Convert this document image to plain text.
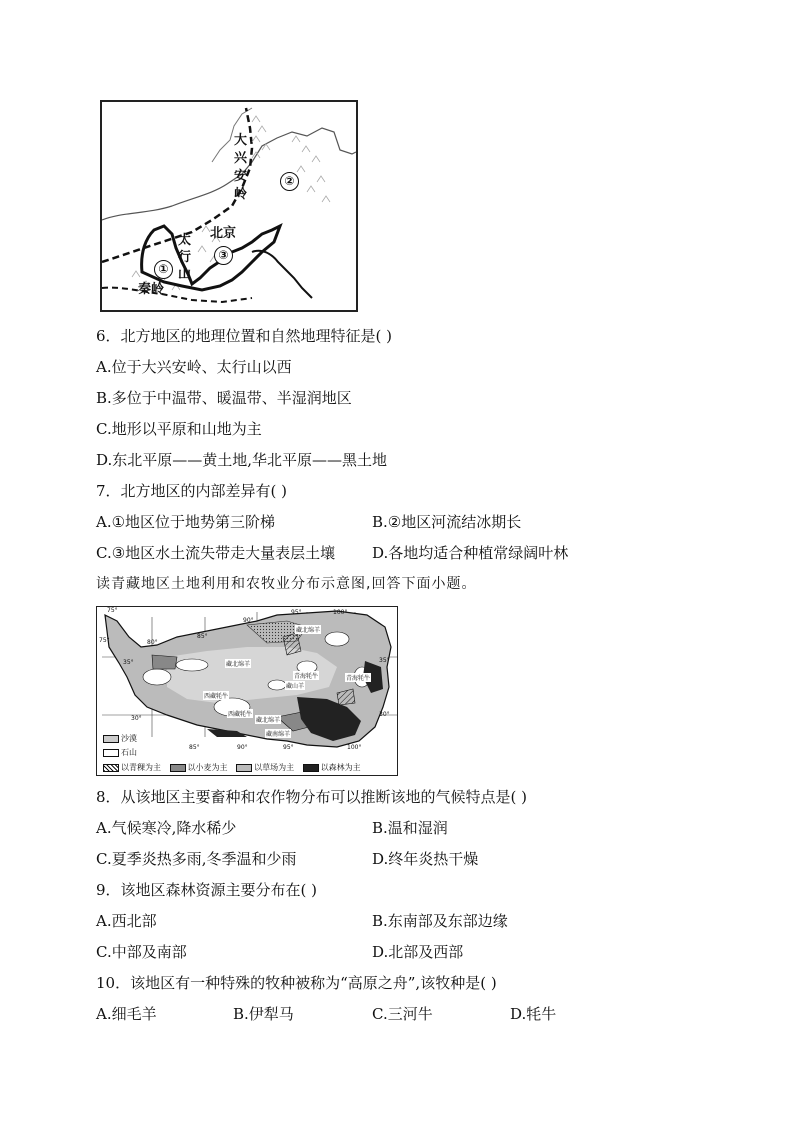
大
兴
安
岭
②
北京
太
行
山
③
①
秦岭
6．北方地区的地理位置和自然地理特征是( )
A.位于大兴安岭、太行山以西
B.多位于中温带、暖温带、半湿润地区
C.地形以平原和山地为主
D.东北平原——黄土地,华北平原——黑土地
7．北方地区的内部差异有( )
A.①地区位于地势第三阶梯	B.②地区河流结冰期长
C.③地区水土流失带走大量表层土壤 D.各地均适合种植常绿阔叶林
读青藏地区土地利用和农牧业分布示意图,回答下面小题。
75°
80°
85°
90°
95°	100°
35°
30°
35°
30°
85°	90°	95°	100°
75°
藏北绵羊
藏北绵羊
西藏牦牛
西藏牦牛
藏山羊
青海牦牛	青海牦牛
藏北绵羊
藏南绵羊
沙漠
石山
以青稞为主	以小麦为主	以草场为主	以森林为主
8．从该地区主要畜种和农作物分布可以推断该地的气候特点是( )
A.气候寒冷,降水稀少	B.温和湿润
C.夏季炎热多雨,冬季温和少雨	D.终年炎热干燥
9．该地区森林资源主要分布在( )
A.西北部	B.东南部及东部边缘
C.中部及南部	D.北部及西部
10．该地区有一种特殊的牧种被称为“高原之舟”,该牧种是( )
A.细毛羊	B.伊犁马	C.三河牛	D.牦牛
